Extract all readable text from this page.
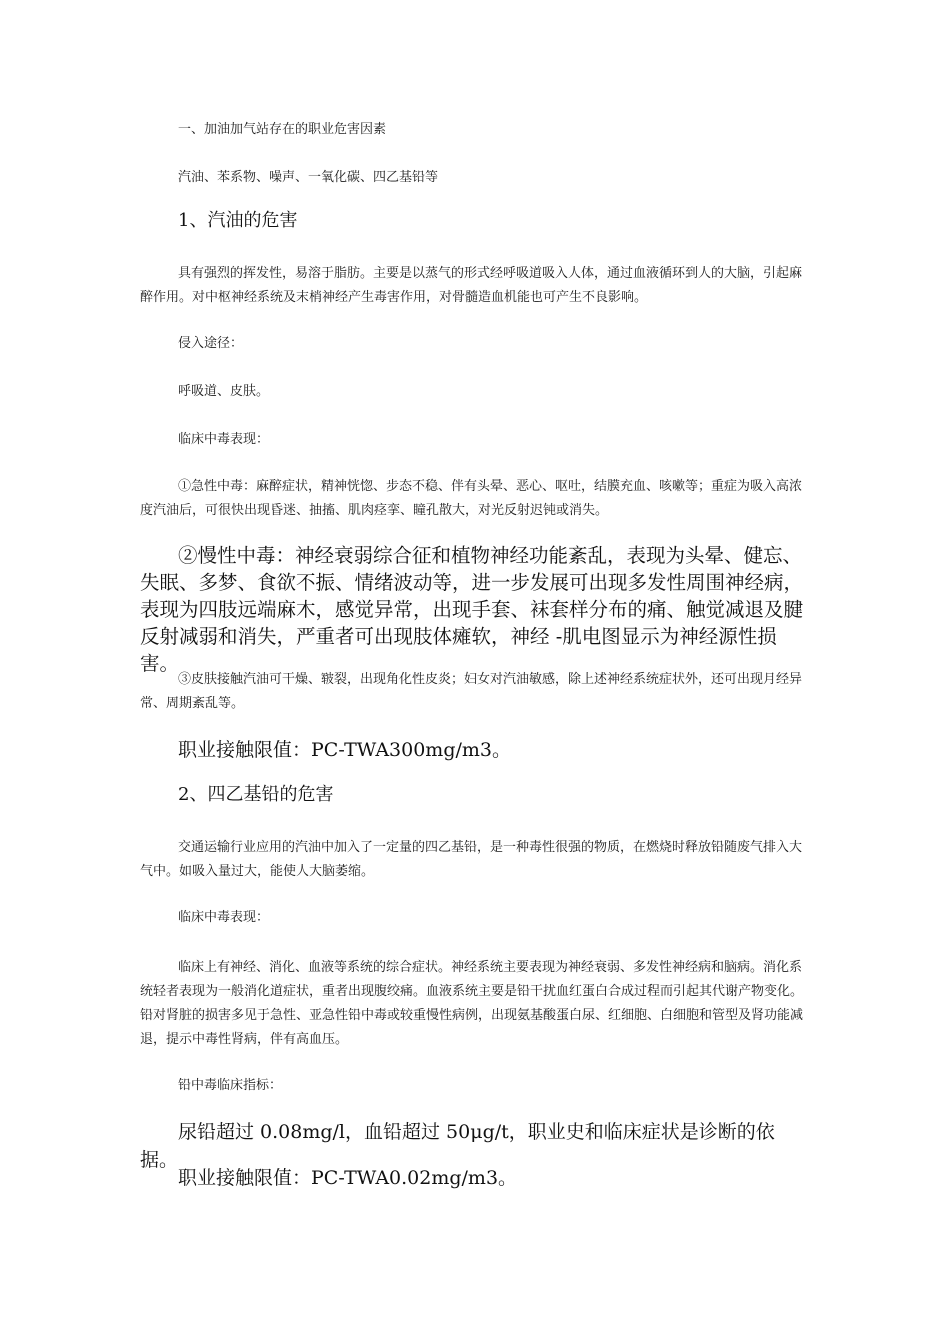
一、加油加气站存在的职业危害因素

汽油、苯系物、噪声、一氧化碳、四乙基铅等

1、汽油的危害

具有强烈的挥发性，易溶于脂肪。主要是以蒸气的形式经呼吸道吸入人体，通过血液循环到人的大脑，引起麻醉作用。对中枢神经系统及末梢神经产生毒害作用，对骨髓造血机能也可产生不良影响。

侵入途径：

呼吸道、皮肤。

临床中毒表现：

①急性中毒：麻醉症状，精神恍惚、步态不稳、伴有头晕、恶心、呕吐，结膜充血、咳嗽等；重症为吸入高浓度汽油后，可很快出现昏迷、抽搐、肌肉痉挛、瞳孔散大，对光反射迟钝或消失。

②慢性中毒：神经衰弱综合征和植物神经功能紊乱，表现为头晕、健忘、失眠、多梦、食欲不振、情绪波动等，进一步发展可出现多发性周围神经病，表现为四肢远端麻木，感觉异常，出现手套、袜套样分布的痛、触觉减退及腱反射减弱和消失，严重者可出现肢体瘫软，神经 -肌电图显示为神经源性损害。

③皮肤接触汽油可干燥、皲裂，出现角化性皮炎；妇女对汽油敏感，除上述神经系统症状外，还可出现月经异常、周期紊乱等。

职业接触限值：PC-TWA300mg/m3。

2、四乙基铅的危害

交通运输行业应用的汽油中加入了一定量的四乙基铅，是一种毒性很强的物质，在燃烧时释放铅随废气排入大气中。如吸入量过大，能使人大脑萎缩。

临床中毒表现：

临床上有神经、消化、血液等系统的综合症状。神经系统主要表现为神经衰弱、多发性神经病和脑病。消化系统轻者表现为一般消化道症状，重者出现腹绞痛。血液系统主要是铅干扰血红蛋白合成过程而引起其代谢产物变化。铅对肾脏的损害多见于急性、亚急性铅中毒或较重慢性病例，出现氨基酸蛋白尿、红细胞、白细胞和管型及肾功能减退，提示中毒性肾病，伴有高血压。

铅中毒临床指标：

尿铅超过 0.08mg/l，血铅超过 50μg/t，职业史和临床症状是诊断的依据。

职业接触限值：PC-TWA0.02mg/m3。
